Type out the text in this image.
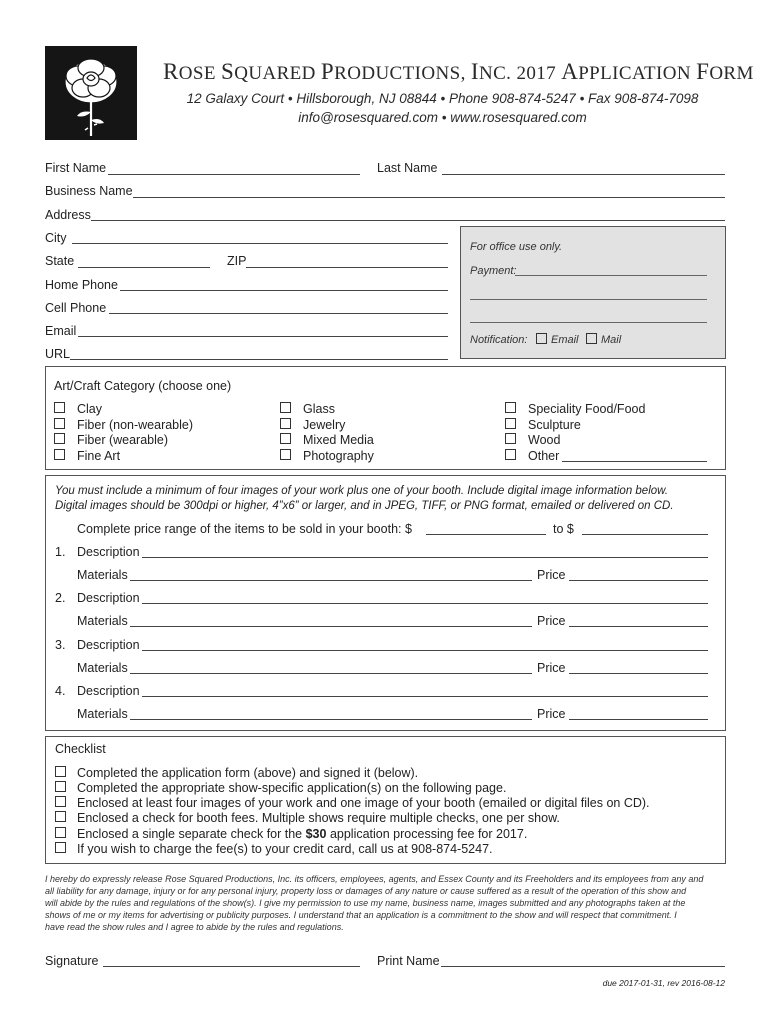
ROSE SQUARED PRODUCTIONS, INC. 2017 APPLICATION FORM
12 Galaxy Court • Hillsborough, NJ 08844 • Phone 908-874-5247 • Fax 908-874-7098
info@rosesquared.com • www.rosesquared.com
First Name	Last Name
Business Name
Address
City
State	ZIP
Home Phone
Cell Phone
Email
URL
For office use only.
Payment:
Notification: Email Mail
Art/Craft Category (choose one)
Clay
Fiber (non-wearable)
Fiber (wearable)
Fine Art
Glass
Jewelry
Mixed Media
Photography
Speciality Food/Food
Sculpture
Wood
Other
You must include a minimum of four images of your work plus one of your booth. Include digital image information below.
Digital images should be 300dpi or higher, 4”x6” or larger, and in JPEG, TIFF, or PNG format, emailed or delivered on CD.
Complete price range of the items to be sold in your booth: $	to $
1. Description
Materials	Price
2. Description
Materials	Price
3. Description
Materials	Price
4. Description
Materials	Price
Checklist
Completed the application form (above) and signed it (below).
Completed the appropriate show-specific application(s) on the following page.
Enclosed at least four images of your work and one image of your booth (emailed or digital files on CD).
Enclosed a check for booth fees. Multiple shows require multiple checks, one per show.
Enclosed a single separate check for the $30 application processing fee for 2017.
If you wish to charge the fee(s) to your credit card, call us at 908-874-5247.
I hereby do expressly release Rose Squared Productions, Inc. its officers, employees, agents, and Essex County and its Freeholders and its employees from any and
all liability for any damage, injury or for any personal injury, property loss or damages of any nature or cause suffered as a result of the operation of this show and
will abide by the rules and regulations of the show(s). I give my permission to use my name, business name, images submitted and any photographs taken at the
shows of me or my items for advertising or publicity purposes. I understand that an application is a commitment to the show and will respect that commitment. I
have read the show rules and I agree to abide by the rules and regulations.
Signature	Print Name
due 2017-01-31, rev 2016-08-12
